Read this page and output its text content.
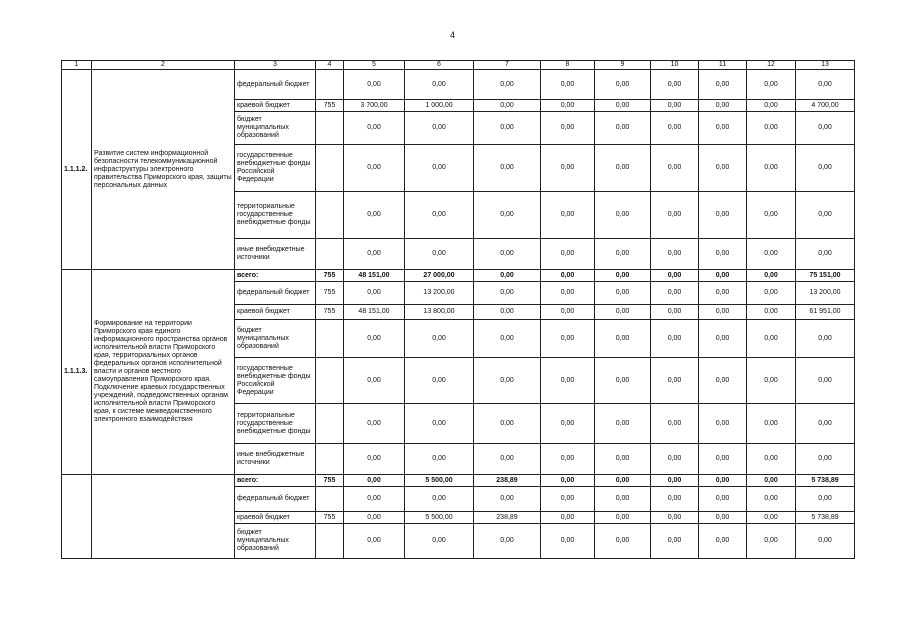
4
1	2	3	4	5	6	7	8	9	10	11	12	13
1.1.1.2.	Развитие систем информационной безопасности телекоммуникационной инфраструктуры электронного правительства Приморского края, защиты персональных данных	федеральный бюджет		0,00	0,00	0,00	0,00	0,00	0,00	0,00	0,00	0,00
		краевой бюджет	755	3 700,00	1 000,00	0,00	0,00	0,00	0,00	0,00	0,00	4 700,00
		бюджет муниципальных образований		0,00	0,00	0,00	0,00	0,00	0,00	0,00	0,00	0,00
		государственные внебюджетные фонды Российской Федерации		0,00	0,00	0,00	0,00	0,00	0,00	0,00	0,00	0,00
		территориальные государственные внебюджетные фонды		0,00	0,00	0,00	0,00	0,00	0,00	0,00	0,00	0,00
		иные внебюджетные источники		0,00	0,00	0,00	0,00	0,00	0,00	0,00	0,00	0,00
1.1.1.3.	Формирование на территории Приморского края единого информационного пространства органов исполнительной власти Приморского края, территориальных органов федеральных органов исполнительной власти и органов местного самоуправления Приморского края. Подключение краевых государственных учреждений, подведомственных органам исполнительной власти Приморского края, к системе межведомственного электронного взаимодействия	всего:	755	48 151,00	27 000,00	0,00	0,00	0,00	0,00	0,00	0,00	75 151,00
		федеральный бюджет	755	0,00	13 200,00	0,00	0,00	0,00	0,00	0,00	0,00	13 200,00
		краевой бюджет	755	48 151,00	13 800,00	0,00	0,00	0,00	0,00	0,00	0,00	61 951,00
		бюджет муниципальных образований		0,00	0,00	0,00	0,00	0,00	0,00	0,00	0,00	0,00
		государственные внебюджетные фонды Российской Федерации		0,00	0,00	0,00	0,00	0,00	0,00	0,00	0,00	0,00
		территориальные государственные внебюджетные фонды		0,00	0,00	0,00	0,00	0,00	0,00	0,00	0,00	0,00
		иные внебюджетные источники		0,00	0,00	0,00	0,00	0,00	0,00	0,00	0,00	0,00
		всего:	755	0,00	5 500,00	238,89	0,00	0,00	0,00	0,00	0,00	5 738,89
		федеральный бюджет		0,00	0,00	0,00	0,00	0,00	0,00	0,00	0,00	0,00
		краевой бюджет	755	0,00	5 500,00	238,89	0,00	0,00	0,00	0,00	0,00	5 738,89
		бюджет муниципальных образований		0,00	0,00	0,00	0,00	0,00	0,00	0,00	0,00	0,00
